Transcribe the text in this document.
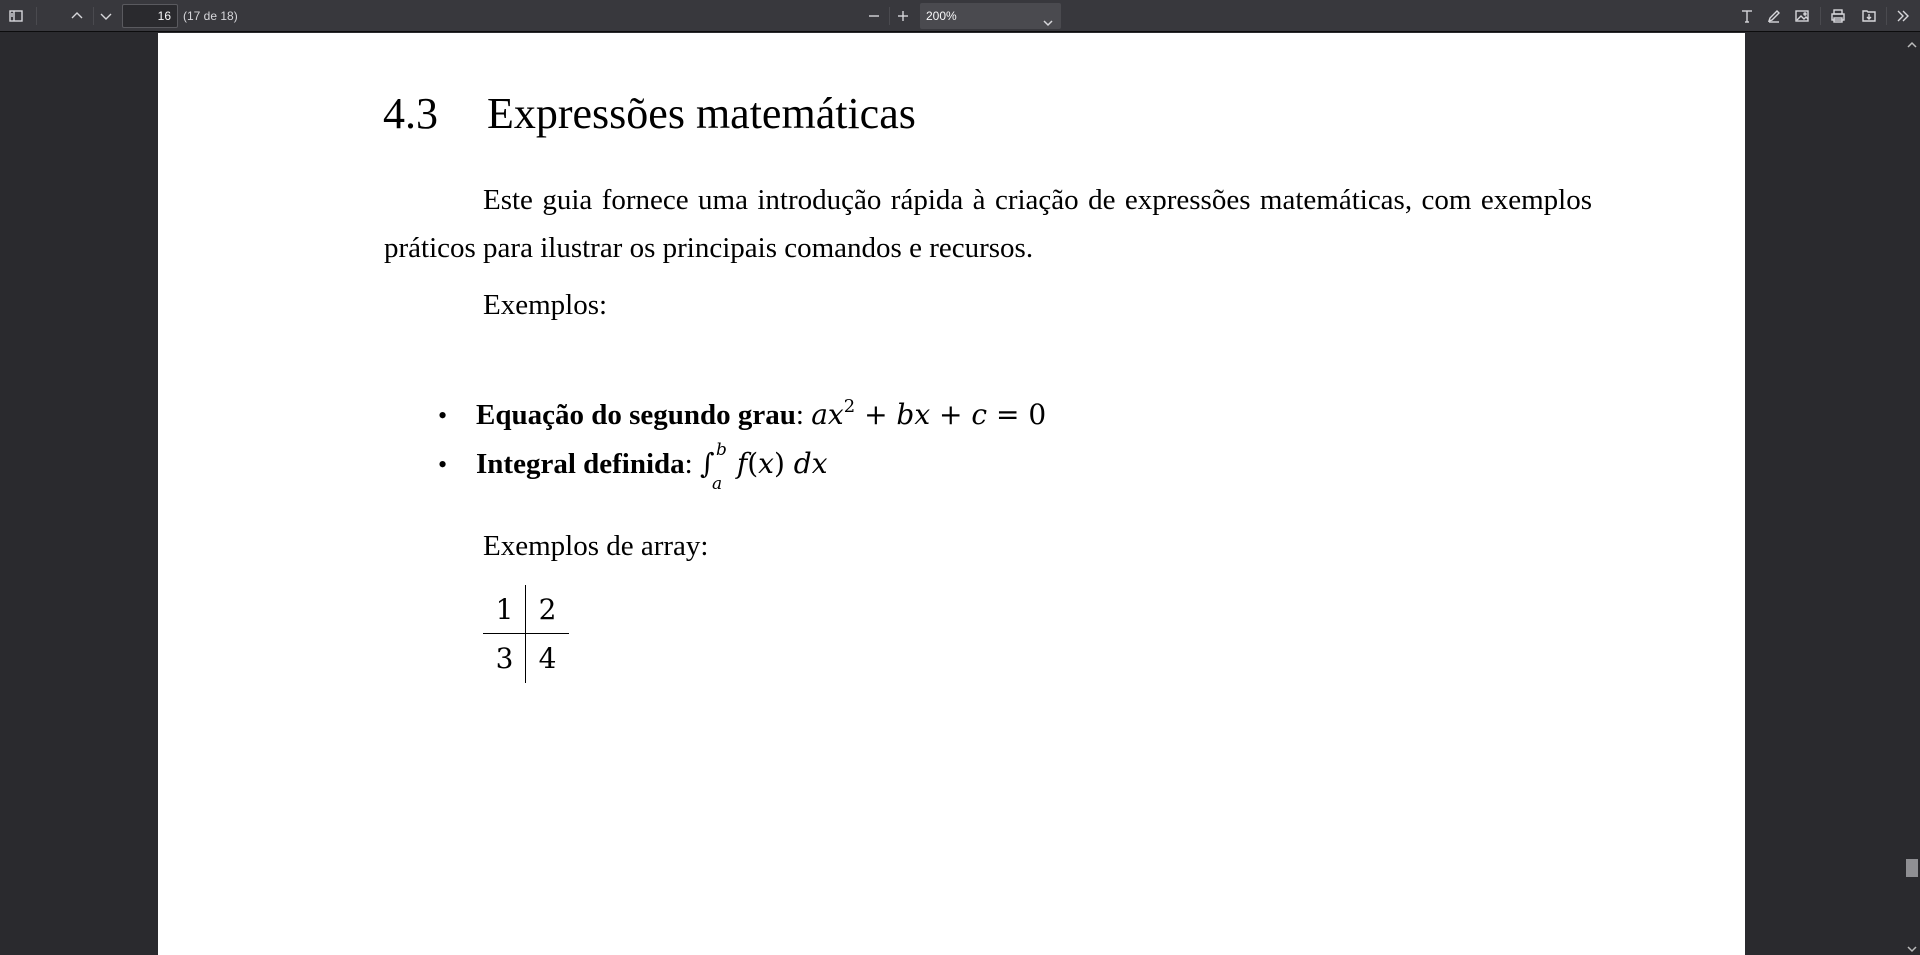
16
(17 de 18)	200%
4.3 Expressões matemáticas

Este guia fornece uma introdução rápida à criação de expressões matemáticas, com exemplos práticos para ilustrar os principais comandos e recursos.

Exemplos:
• Equação do segundo grau :
$ax^2$ + bx + c = 0
• Integral definida :
∫ b
a
f(x) dx
Exemplos de array:
1 2
3 4
